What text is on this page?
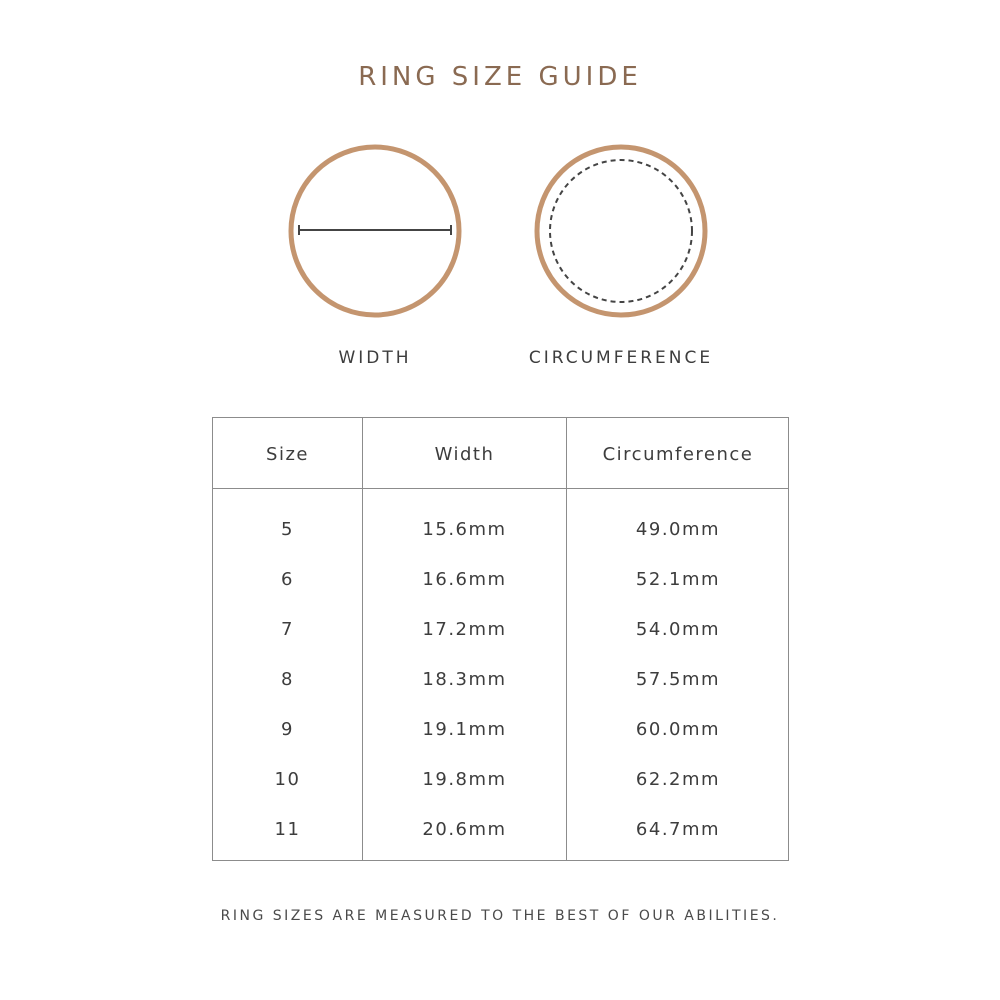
RING SIZE GUIDE
WIDTH	CIRCUMFERENCE
Size	Width	Circumference
5	15.6mm	49.0mm
6	16.6mm	52.1mm
7	17.2mm	54.0mm
8	18.3mm	57.5mm
9	19.1mm	60.0mm
10	19.8mm	62.2mm
11	20.6mm	64.7mm
RING SIZES ARE MEASURED TO THE BEST OF OUR ABILITIES.
